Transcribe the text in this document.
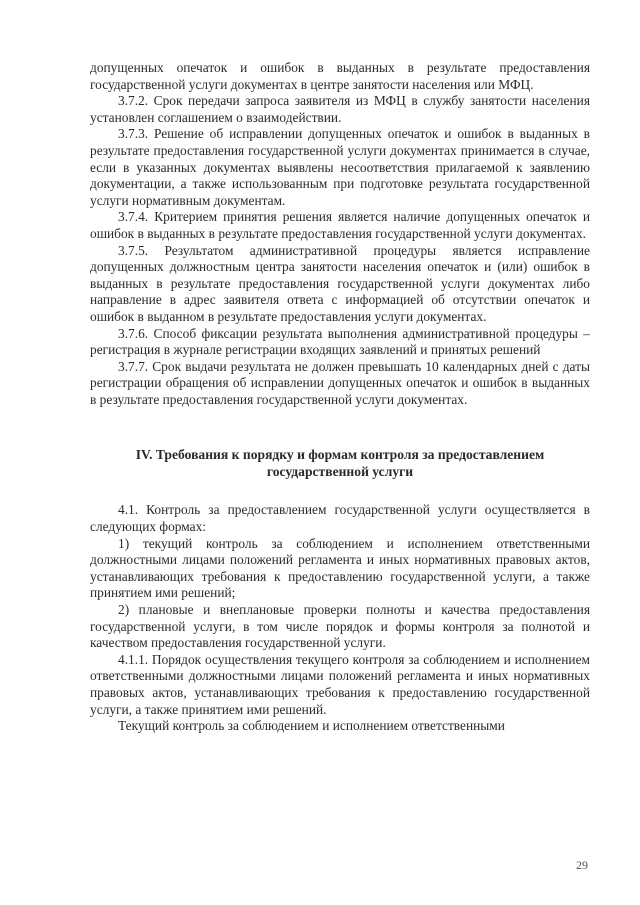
допущенных опечаток и ошибок в выданных в результате предоставления государственной услуги документах в центре занятости населения или МФЦ.

3.7.2. Срок передачи запроса заявителя из МФЦ в службу занятости населения установлен соглашением о взаимодействии.

3.7.3. Решение об исправлении допущенных опечаток и ошибок в выданных в результате предоставления государственной услуги документах принимается в случае, если в указанных документах выявлены несоответствия прилагаемой к заявлению документации, а также использованным при подготовке результата государственной услуги нормативным документам.

3.7.4. Критерием принятия решения является наличие допущенных опечаток и ошибок в выданных в результате предоставления государственной услуги документах.

3.7.5. Результатом административной процедуры является исправление допущенных должностным центра занятости населения опечаток и (или) ошибок в выданных в результате предоставления государственной услуги документах либо направление в адрес заявителя ответа с информацией об отсутствии опечаток и ошибок в выданном в результате предоставления услуги документах.

3.7.6. Способ фиксации результата выполнения административной процедуры – регистрация в журнале регистрации входящих заявлений и принятых решений

3.7.7. Срок выдачи результата не должен превышать 10 календарных дней с даты регистрации обращения об исправлении допущенных опечаток и ошибок в выданных в результате предоставления государственной услуги документах.

IV. Требования к порядку и формам контроля за предоставлением
государственной услуги

4.1. Контроль за предоставлением государственной услуги осуществляется в следующих формах:

1) текущий контроль за соблюдением и исполнением ответственными должностными лицами положений регламента и иных нормативных правовых актов, устанавливающих требования к предоставлению государственной услуги, а также принятием ими решений;

2) плановые и внеплановые проверки полноты и качества предоставления государственной услуги, в том числе порядок и формы контроля за полнотой и качеством предоставления государственной услуги.

4.1.1. Порядок осуществления текущего контроля за соблюдением и исполнением ответственными должностными лицами положений регламента и иных нормативных правовых актов, устанавливающих требования к предоставлению государственной услуги, а также принятием ими решений.

Текущий контроль за соблюдением и исполнением ответственными

29
